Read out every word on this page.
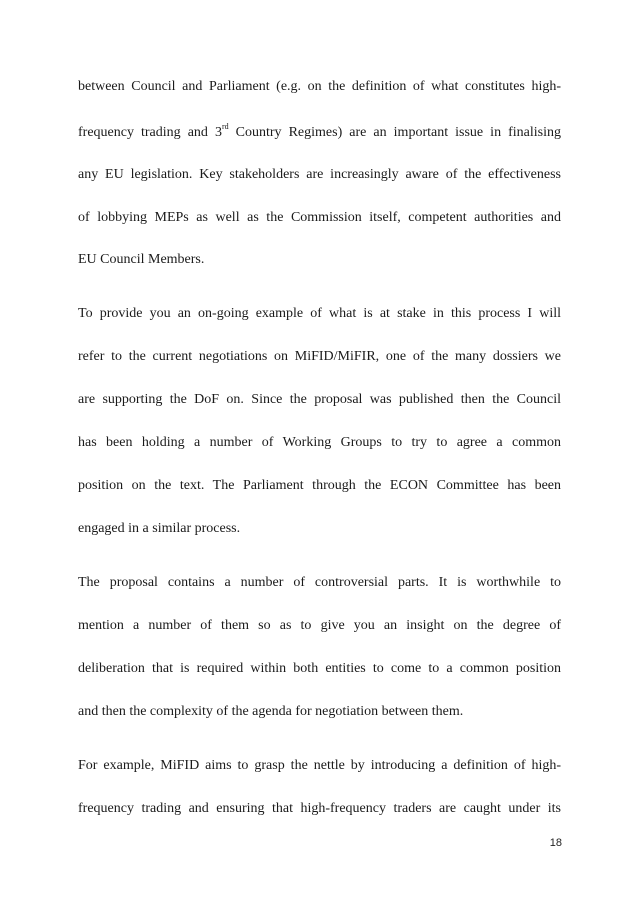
between Council and Parliament (e.g. on the definition of what constitutes high-
frequency trading and 3rd Country Regimes) are an important issue in finalising
any EU legislation. Key stakeholders are increasingly aware of the effectiveness
of lobbying MEPs as well as the Commission itself, competent authorities and
EU Council Members.
To provide you an on-going example of what is at stake in this process I will
refer to the current negotiations on MiFID/MiFIR, one of the many dossiers we
are supporting the DoF on. Since the proposal was published then the Council
has been holding a number of Working Groups to try to agree a common
position on the text. The Parliament through the ECON Committee has been
engaged in a similar process.
The proposal contains a number of controversial parts. It is worthwhile to
mention a number of them so as to give you an insight on the degree of
deliberation that is required within both entities to come to a common position
and then the complexity of the agenda for negotiation between them.
For example, MiFID aims to grasp the nettle by introducing a definition of high-
frequency trading and ensuring that high-frequency traders are caught under its
18
